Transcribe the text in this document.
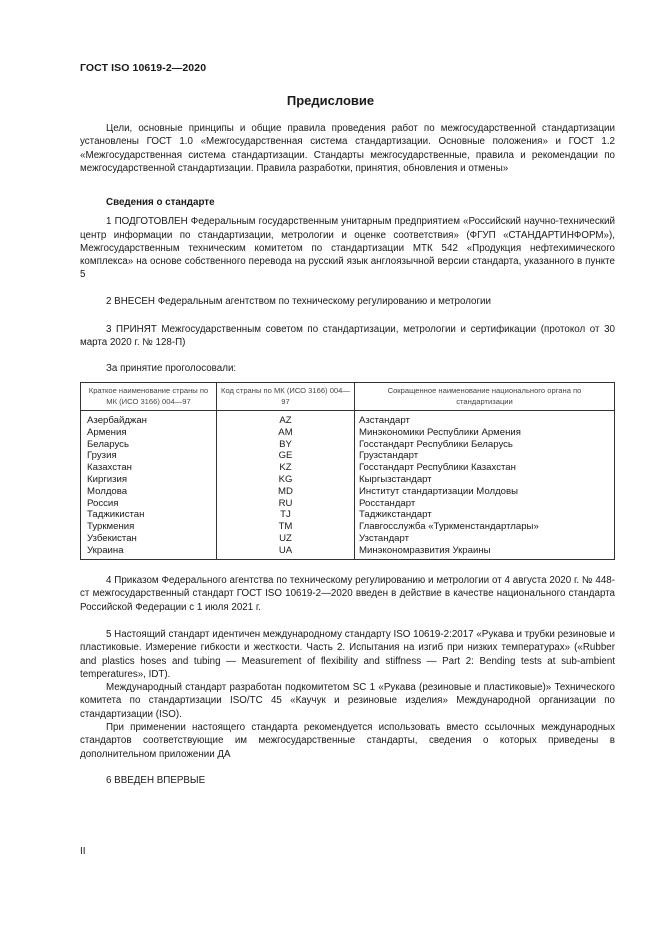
ГОСТ ISO 10619-2—2020
Предисловие

Цели, основные принципы и общие правила проведения работ по межгосударственной стандартизации установлены ГОСТ 1.0 «Межгосударственная система стандартизации. Основные положения» и ГОСТ 1.2 «Межгосударственная система стандартизации. Стандарты межгосударственные, правила и рекомендации по межгосударственной стандартизации. Правила разработки, принятия, обновления и отмены»

Сведения о стандарте

1 ПОДГОТОВЛЕН Федеральным государственным унитарным предприятием «Российский научно-технический центр информации по стандартизации, метрологии и оценке соответствия» (ФГУП «СТАНДАРТИНФОРМ»), Межгосударственным техническим комитетом по стандартизации МТК 542 «Продукция нефтехимического комплекса» на основе собственного перевода на русский язык англоязычной версии стандарта, указанного в пункте 5

2 ВНЕСЕН Федеральным агентством по техническому регулированию и метрологии

3 ПРИНЯТ Межгосударственным советом по стандартизации, метрологии и сертификации (протокол от 30 марта 2020 г. № 128-П)

За принятие проголосовали:

Краткое наименование страны по МК (ИСО 3166) 004—97	Код страны по МК (ИСО 3166) 004—97	Сокращенное наименование национального органа по стандартизации
Азербайджан	AZ	Азстандарт
Армения	AM	Минэкономики Республики Армения
Беларусь	BY	Госстандарт Республики Беларусь
Грузия	GE	Грузстандарт
Казахстан	KZ	Госстандарт Республики Казахстан
Киргизия	KG	Кыргызстандарт
Молдова	MD	Институт стандартизации Молдовы
Россия	RU	Росстандарт
Таджикистан	TJ	Таджикстандарт
Туркмения	TM	Главгосслужба «Туркменстандартлары»
Узбекистан	UZ	Узстандарт
Украина	UA	Минэкономразвития Украины

4 Приказом Федерального агентства по техническому регулированию и метрологии от 4 августа 2020 г. № 448-ст межгосударственный стандарт ГОСТ ISO 10619-2—2020 введен в действие в качестве национального стандарта Российской Федерации с 1 июля 2021 г.

5 Настоящий стандарт идентичен международному стандарту ISO 10619-2:2017 «Рукава и трубки резиновые и пластиковые. Измерение гибкости и жесткости. Часть 2. Испытания на изгиб при низких температурах» («Rubber and plastics hoses and tubing — Measurement of flexibility and stiffness — Part 2: Bending tests at sub-ambient temperatures», IDT).

Международный стандарт разработан подкомитетом SC 1 «Рукава (резиновые и пластиковые)» Технического комитета по стандартизации ISO/TC 45 «Каучук и резиновые изделия» Международной организации по стандартизации (ISO).

При применении настоящего стандарта рекомендуется использовать вместо ссылочных международных стандартов соответствующие им межгосударственные стандарты, сведения о которых приведены в дополнительном приложении ДА

6 ВВЕДЕН ВПЕРВЫЕ

II
